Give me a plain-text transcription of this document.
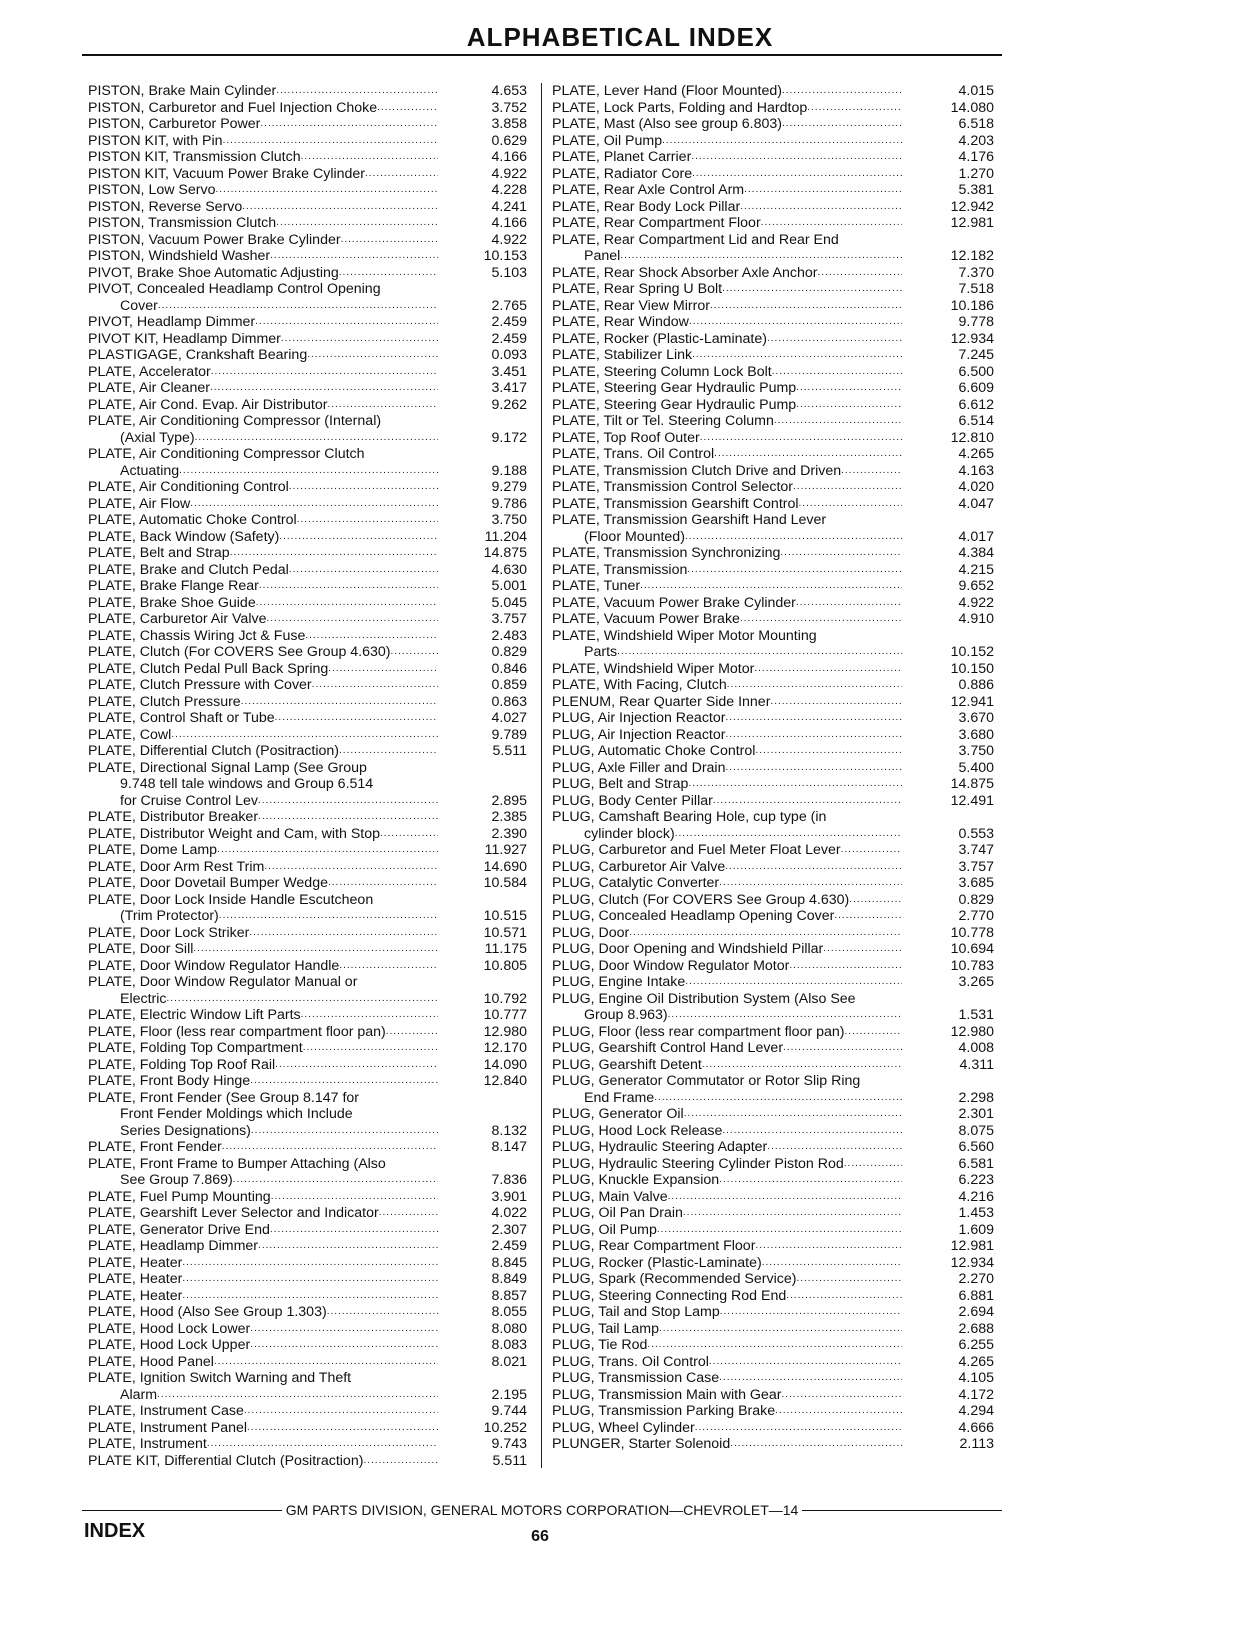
ALPHABETICAL INDEX
PISTON, Brake Main Cylinder .....	4.653
PISTON, Carburetor and Fuel Injection Choke .....	3.752
PISTON, Carburetor Power .....	3.858
PISTON KIT, with Pin .....	0.629
PISTON KIT, Transmission Clutch .....	4.166
PISTON KIT, Vacuum Power Brake Cylinder .....	4.922
PISTON, Low Servo .....	4.228
PISTON, Reverse Servo .....	4.241
PISTON, Transmission Clutch .....	4.166
PISTON, Vacuum Power Brake Cylinder .....	4.922
PISTON, Windshield Washer .....	10.153
PIVOT, Brake Shoe Automatic Adjusting .....	5.103
PIVOT, Concealed Headlamp Control Opening
Cover .....	2.765
PIVOT, Headlamp Dimmer .....	2.459
PIVOT KIT, Headlamp Dimmer .....	2.459
PLASTIGAGE, Crankshaft Bearing .....	0.093
PLATE, Accelerator .....	3.451
PLATE, Air Cleaner .....	3.417
PLATE, Air Cond. Evap. Air Distributor .....	9.262
PLATE, Air Conditioning Compressor (Internal)
(Axial Type) .....	9.172
PLATE, Air Conditioning Compressor Clutch
Actuating .....	9.188
PLATE, Air Conditioning Control .....	9.279
PLATE, Air Flow .....	9.786
PLATE, Automatic Choke Control .....	3.750
PLATE, Back Window (Safety) .....	11.204
PLATE, Belt and Strap .....	14.875
PLATE, Brake and Clutch Pedal .....	4.630
PLATE, Brake Flange Rear .....	5.001
PLATE, Brake Shoe Guide .....	5.045
PLATE, Carburetor Air Valve .....	3.757
PLATE, Chassis Wiring Jct & Fuse .....	2.483
PLATE, Clutch (For COVERS See Group 4.630) .....	0.829
PLATE, Clutch Pedal Pull Back Spring .....	0.846
PLATE, Clutch Pressure with Cover .....	0.859
PLATE, Clutch Pressure .....	0.863
PLATE, Control Shaft or Tube .....	4.027
PLATE, Cowl .....	9.789
PLATE, Differential Clutch (Positraction) .....	5.511
PLATE, Directional Signal Lamp (See Group
9.748 tell tale windows and Group 6.514
for Cruise Control Lev .....	2.895
PLATE, Distributor Breaker .....	2.385
PLATE, Distributor Weight and Cam, with Stop .....	2.390
PLATE, Dome Lamp .....	11.927
PLATE, Door Arm Rest Trim .....	14.690
PLATE, Door Dovetail Bumper Wedge .....	10.584
PLATE, Door Lock Inside Handle Escutcheon
(Trim Protector) .....	10.515
PLATE, Door Lock Striker .....	10.571
PLATE, Door Sill .....	11.175
PLATE, Door Window Regulator Handle .....	10.805
PLATE, Door Window Regulator Manual or
Electric .....	10.792
PLATE, Electric Window Lift Parts .....	10.777
PLATE, Floor (less rear compartment floor pan) .....	12.980
PLATE, Folding Top Compartment .....	12.170
PLATE, Folding Top Roof Rail .....	14.090
PLATE, Front Body Hinge .....	12.840
PLATE, Front Fender (See Group 8.147 for
Front Fender Moldings which Include
Series Designations) .....	8.132
PLATE, Front Fender .....	8.147
PLATE, Front Frame to Bumper Attaching (Also
See Group 7.869) .....	7.836
PLATE, Fuel Pump Mounting .....	3.901
PLATE, Gearshift Lever Selector and Indicator .....	4.022
PLATE, Generator Drive End .....	2.307
PLATE, Headlamp Dimmer .....	2.459
PLATE, Heater .....	8.845
PLATE, Heater .....	8.849
PLATE, Heater .....	8.857
PLATE, Hood (Also See Group 1.303) .....	8.055
PLATE, Hood Lock Lower .....	8.080
PLATE, Hood Lock Upper .....	8.083
PLATE, Hood Panel .....	8.021
PLATE, Ignition Switch Warning and Theft
Alarm .....	2.195
PLATE, Instrument Case .....	9.744
PLATE, Instrument Panel .....	10.252
PLATE, Instrument .....	9.743
PLATE KIT, Differential Clutch (Positraction) .....	5.511
PLATE, Lever Hand (Floor Mounted) .....	4.015
PLATE, Lock Parts, Folding and Hardtop .....	14.080
PLATE, Mast (Also see group 6.803) .....	6.518
PLATE, Oil Pump .....	4.203
PLATE, Planet Carrier .....	4.176
PLATE, Radiator Core .....	1.270
PLATE, Rear Axle Control Arm .....	5.381
PLATE, Rear Body Lock Pillar .....	12.942
PLATE, Rear Compartment Floor .....	12.981
PLATE, Rear Compartment Lid and Rear End
Panel .....	12.182
PLATE, Rear Shock Absorber Axle Anchor .....	7.370
PLATE, Rear Spring U Bolt .....	7.518
PLATE, Rear View Mirror .....	10.186
PLATE, Rear Window .....	9.778
PLATE, Rocker (Plastic-Laminate) .....	12.934
PLATE, Stabilizer Link .....	7.245
PLATE, Steering Column Lock Bolt .....	6.500
PLATE, Steering Gear Hydraulic Pump .....	6.609
PLATE, Steering Gear Hydraulic Pump .....	6.612
PLATE, Tilt or Tel. Steering Column .....	6.514
PLATE, Top Roof Outer .....	12.810
PLATE, Trans. Oil Control .....	4.265
PLATE, Transmission Clutch Drive and Driven .....	4.163
PLATE, Transmission Control Selector .....	4.020
PLATE, Transmission Gearshift Control .....	4.047
PLATE, Transmission Gearshift Hand Lever
(Floor Mounted) .....	4.017
PLATE, Transmission Synchronizing .....	4.384
PLATE, Transmission .....	4.215
PLATE, Tuner .....	9.652
PLATE, Vacuum Power Brake Cylinder .....	4.922
PLATE, Vacuum Power Brake .....	4.910
PLATE, Windshield Wiper Motor Mounting
Parts .....	10.152
PLATE, Windshield Wiper Motor .....	10.150
PLATE, With Facing, Clutch .....	0.886
PLENUM, Rear Quarter Side Inner .....	12.941
PLUG, Air Injection Reactor .....	3.670
PLUG, Air Injection Reactor .....	3.680
PLUG, Automatic Choke Control .....	3.750
PLUG, Axle Filler and Drain .....	5.400
PLUG, Belt and Strap .....	14.875
PLUG, Body Center Pillar .....	12.491
PLUG, Camshaft Bearing Hole, cup type (in
cylinder block) .....	0.553
PLUG, Carburetor and Fuel Meter Float Lever .....	3.747
PLUG, Carburetor Air Valve .....	3.757
PLUG, Catalytic Converter .....	3.685
PLUG, Clutch (For COVERS See Group 4.630) .....	0.829
PLUG, Concealed Headlamp Opening Cover .....	2.770
PLUG, Door .....	10.778
PLUG, Door Opening and Windshield Pillar .....	10.694
PLUG, Door Window Regulator Motor .....	10.783
PLUG, Engine Intake .....	3.265
PLUG, Engine Oil Distribution System (Also See
Group 8.963) .....	1.531
PLUG, Floor (less rear compartment floor pan) .....	12.980
PLUG, Gearshift Control Hand Lever .....	4.008
PLUG, Gearshift Detent .....	4.311
PLUG, Generator Commutator or Rotor Slip Ring
End Frame .....	2.298
PLUG, Generator Oil .....	2.301
PLUG, Hood Lock Release .....	8.075
PLUG, Hydraulic Steering Adapter .....	6.560
PLUG, Hydraulic Steering Cylinder Piston Rod .....	6.581
PLUG, Knuckle Expansion .....	6.223
PLUG, Main Valve .....	4.216
PLUG, Oil Pan Drain .....	1.453
PLUG, Oil Pump .....	1.609
PLUG, Rear Compartment Floor .....	12.981
PLUG, Rocker (Plastic-Laminate) .....	12.934
PLUG, Spark (Recommended Service) .....	2.270
PLUG, Steering Connecting Rod End .....	6.881
PLUG, Tail and Stop Lamp .....	2.694
PLUG, Tail Lamp .....	2.688
PLUG, Tie Rod .....	6.255
PLUG, Trans. Oil Control .....	4.265
PLUG, Transmission Case .....	4.105
PLUG, Transmission Main with Gear .....	4.172
PLUG, Transmission Parking Brake .....	4.294
PLUG, Wheel Cylinder .....	4.666
PLUNGER, Starter Solenoid .....	2.113
GM PARTS DIVISION, GENERAL MOTORS CORPORATION—CHEVROLET—14
INDEX	66
